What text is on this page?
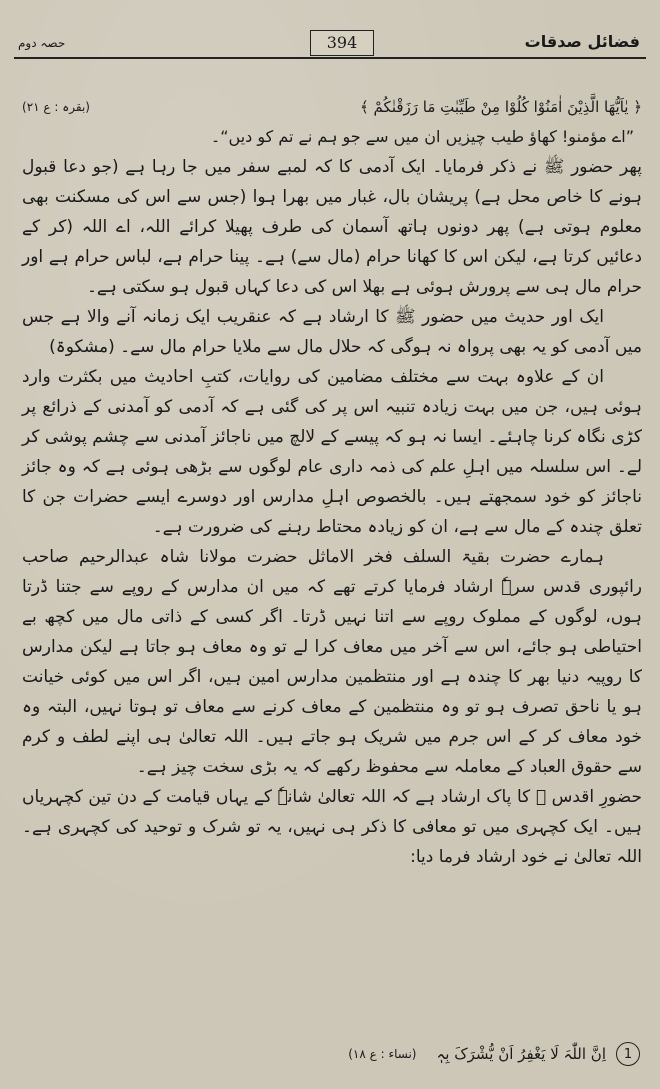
فضائل صدقات
394
حصہ دوم
﴿ یٰاَیُّھَا الَّذِیْنَ اٰمَنُوْا کُلُوْا مِنْ طَیِّبٰتِ مَا رَزَقْنٰکُمْ ﴾
(بقرہ : ع ۲۱)
”اے مؤمنو! کھاؤ طیب چیزیں ان میں سے جو ہم نے تم کو دیں“۔

پھر حضور ﷺ نے ذکر فرمایا۔ ایک آدمی کا کہ لمبے سفر میں جا رہا ہے (جو دعا قبول ہونے کا خاص محل ہے) پریشان بال، غبار میں بھرا ہوا (جس سے اس کی مسکنت بھی معلوم ہوتی ہے) پھر دونوں ہاتھ آسمان کی طرف پھیلا کرائے اللہ، اے اللہ (کر کے دعائیں کرتا ہے، لیکن اس کا کھانا حرام (مال سے) ہے۔ پینا حرام ہے، لباس حرام ہے اور حرام مال ہی سے پرورش ہوئی ہے بھلا اس کی دعا کہاں قبول ہو سکتی ہے۔

ایک اور حدیث میں حضور ﷺ کا ارشاد ہے کہ عنقریب ایک زمانہ آنے والا ہے جس میں آدمی کو یہ بھی پرواہ نہ ہوگی کہ حلال مال سے ملایا حرام مال سے۔ (مشکوۃ)

ان کے علاوہ بہت سے مختلف مضامین کی روایات، کتبِ احادیث میں بکثرت وارد ہوئی ہیں، جن میں بہت زیادہ تنبیہ اس پر کی گئی ہے کہ آدمی کو آمدنی کے ذرائع پر کڑی نگاہ کرنا چاہئے۔ ایسا نہ ہو کہ پیسے کے لالچ میں ناجائز آمدنی سے چشم پوشی کر لے۔ اس سلسلہ میں اہلِ علم کی ذمہ داری عام لوگوں سے بڑھی ہوئی ہے کہ وہ جائز ناجائز کو خود سمجھتے ہیں۔ بالخصوص اہلِ مدارس اور دوسرے ایسے حضرات جن کا تعلق چندہ کے مال سے ہے، ان کو زیادہ محتاط رہنے کی ضرورت ہے۔

ہمارے حضرت بقیۃ السلف فخر الاماثل حضرت مولانا شاہ عبدالرحیم صاحب رائپوری قدس سرہٗ ارشاد فرمایا کرتے تھے کہ میں ان مدارس کے روپے سے جتنا ڈرتا ہوں، لوگوں کے مملوک روپے سے اتنا نہیں ڈرتا۔ اگر کسی کے ذاتی مال میں کچھ بے احتیاطی ہو جائے، اس سے آخر میں معاف کرا لے تو وہ معاف ہو جاتا ہے لیکن مدارس کا روپیہ دنیا بھر کا چندہ ہے اور منتظمین مدارس امین ہیں، اگر اس میں کوئی خیانت ہو یا ناحق تصرف ہو تو وہ منتظمین کے معاف کرنے سے معاف تو ہوتا نہیں، البتہ وہ خود معاف کر کے اس جرم میں شریک ہو جاتے ہیں۔ اللہ تعالیٰ ہی اپنے لطف و کرم سے حقوق العباد کے معاملہ سے محفوظ رکھے کہ یہ بڑی سخت چیز ہے۔

حضورِ اقدس ﷺ کا پاک ارشاد ہے کہ اللہ تعالیٰ شانہٗ کے یہاں قیامت کے دن تین کچہریاں ہیں۔ ایک کچہری میں تو معافی کا ذکر ہی نہیں، یہ تو شرک و توحید کی کچہری ہے۔ اللہ تعالیٰ نے خود ارشاد فرما دیا:

1
اِنَّ اللّٰہَ لَا یَغْفِرُ اَنْ یُّشْرَکَ بِہٖ
(نساء : ع ۱۸)
